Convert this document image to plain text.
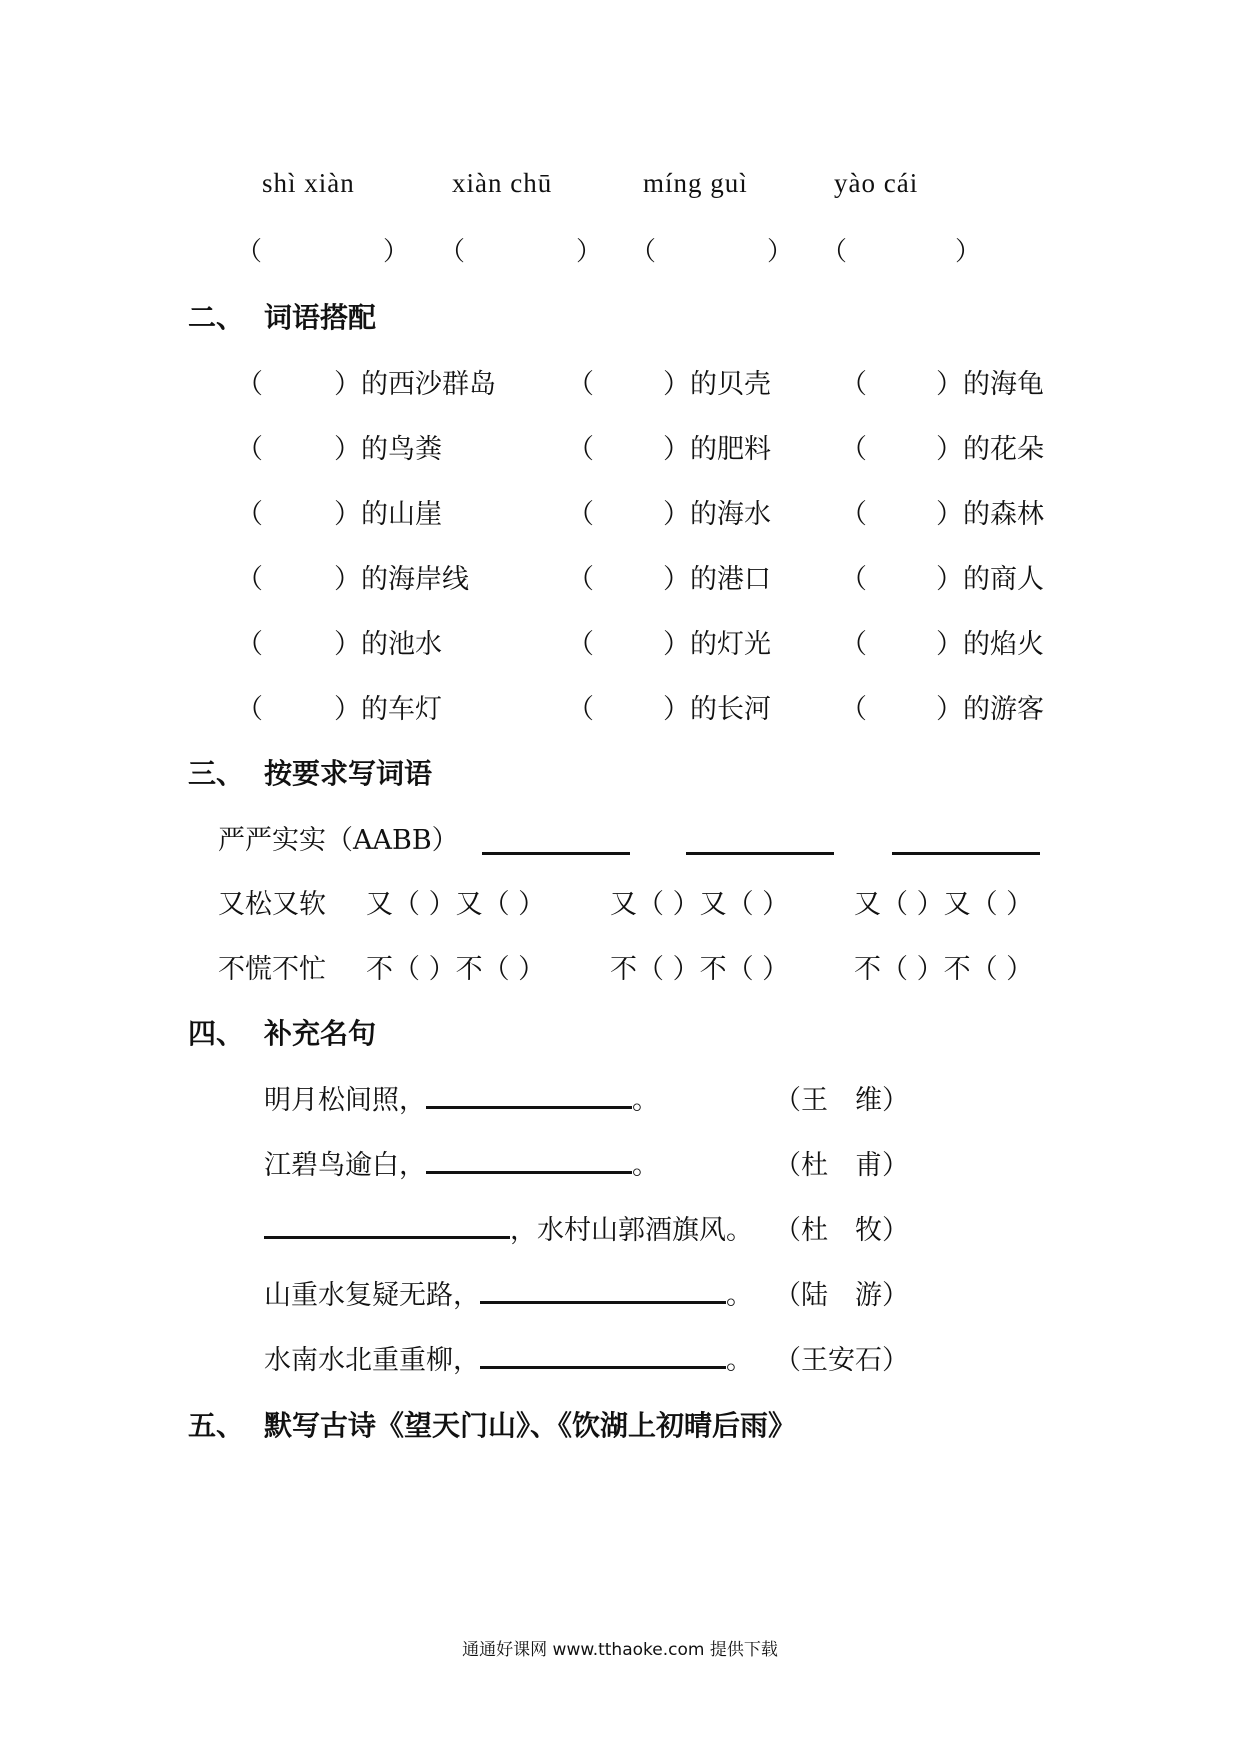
shì xiàn	xiàn chū	míng guì	yào cái
（	） （	） （	） （	）
二、 词语搭配
（	）的西沙群岛	（	）的贝壳	（	）的海龟
（	）的鸟粪	（	）的肥料	（	）的花朵
（	）的山崖	（	）的海水	（	）的森林
（	）的海岸线	（	）的港口	（	）的商人
（	）的池水	（	）的灯光	（	）的焰火
（	）的车灯	（	）的长河	（	）的游客
三、 按要求写词语
严严实实（AABB）
又松又软 又（ ）又（ ） 又（ ）又（ ） 又（ ）又（ ）
不慌不忙 不（ ）不（ ） 不（ ）不（ ） 不（ ）不（ ）
四、 补充名句
明月松间照，	。	（王　维）
江碧鸟逾白，	。	（杜　甫）
，水村山郭酒旗风。 （杜　牧）
山重水复疑无路，	。 （陆　游）
水南水北重重柳，	。 （王安石）
五、 默写古诗《望天门山》、《饮湖上初晴后雨》
通通好课网 www.tthaoke.com 提供下载
